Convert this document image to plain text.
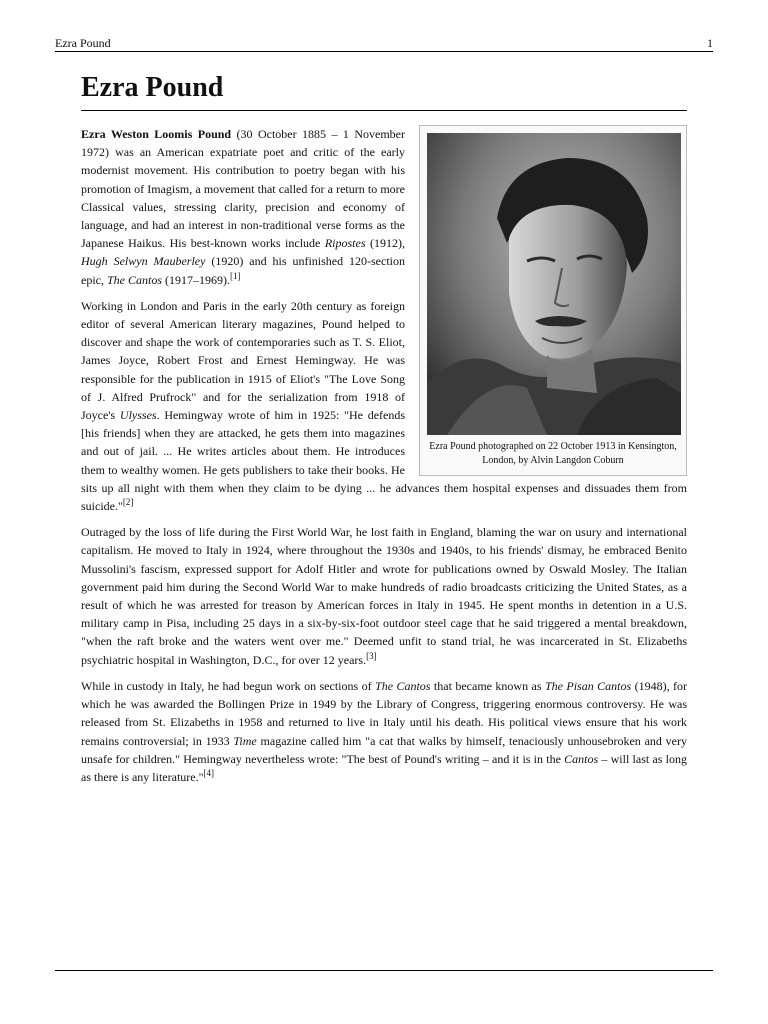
Ezra Pound	1
Ezra Pound
Ezra Pound photographed on 22 October 1913 in Kensington, London, by Alvin Langdon Coburn

Ezra Weston Loomis Pound (30 October 1885 – 1 November 1972) was an American expatriate poet and critic of the early modernist movement. His contribution to poetry began with his promotion of Imagism, a movement that called for a return to more Classical values, stressing clarity, precision and economy of language, and had an interest in non-traditional verse forms as the Japanese Haikus. His best-known works include Ripostes (1912), Hugh Selwyn Mauberley (1920) and his unfinished 120-section epic, The Cantos (1917–1969).[1]

Working in London and Paris in the early 20th century as foreign editor of several American literary magazines, Pound helped to discover and shape the work of contemporaries such as T. S. Eliot, James Joyce, Robert Frost and Ernest Hemingway. He was responsible for the publication in 1915 of Eliot's "The Love Song of J. Alfred Prufrock" and for the serialization from 1918 of Joyce's Ulysses. Hemingway wrote of him in 1925: "He defends [his friends] when they are attacked, he gets them into magazines and out of jail. ... He writes articles about them. He introduces them to wealthy women. He gets publishers to take their books. He sits up all night with them when they claim to be dying ... he advances them hospital expenses and dissuades them from suicide."[2]

Outraged by the loss of life during the First World War, he lost faith in England, blaming the war on usury and international capitalism. He moved to Italy in 1924, where throughout the 1930s and 1940s, to his friends' dismay, he embraced Benito Mussolini's fascism, expressed support for Adolf Hitler and wrote for publications owned by Oswald Mosley. The Italian government paid him during the Second World War to make hundreds of radio broadcasts criticizing the United States, as a result of which he was arrested for treason by American forces in Italy in 1945. He spent months in detention in a U.S. military camp in Pisa, including 25 days in a six-by-six-foot outdoor steel cage that he said triggered a mental breakdown, "when the raft broke and the waters went over me." Deemed unfit to stand trial, he was incarcerated in St. Elizabeths psychiatric hospital in Washington, D.C., for over 12 years.[3]

While in custody in Italy, he had begun work on sections of The Cantos that became known as The Pisan Cantos (1948), for which he was awarded the Bollingen Prize in 1949 by the Library of Congress, triggering enormous controversy. He was released from St. Elizabeths in 1958 and returned to live in Italy until his death. His political views ensure that his work remains controversial; in 1933 Time magazine called him "a cat that walks by himself, tenaciously unhousebroken and very unsafe for children." Hemingway nevertheless wrote: "The best of Pound's writing – and it is in the Cantos – will last as long as there is any literature."[4]
